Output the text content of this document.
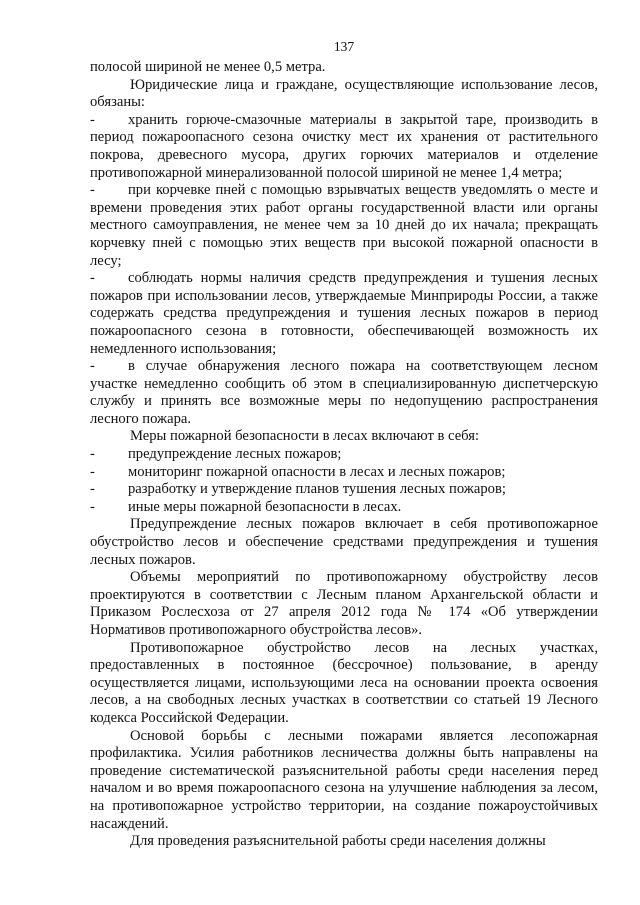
137

полосой шириной не менее 0,5 метра.

Юридические лица и граждане, осуществляющие использование лесов, обязаны:

- хранить горюче-смазочные материалы в закрытой таре, производить в период пожароопасного сезона очистку мест их хранения от растительного покрова, древесного мусора, других горючих материалов и отделение противопожарной минерализованной полосой шириной не менее 1,4 метра;

- при корчевке пней с помощью взрывчатых веществ уведомлять о месте и времени проведения этих работ органы государственной власти или органы местного самоуправления, не менее чем за 10 дней до их начала; прекращать корчевку пней с помощью этих веществ при высокой пожарной опасности в лесу;

- соблюдать нормы наличия средств предупреждения и тушения лесных пожаров при использовании лесов, утверждаемые Минприроды России, а также содержать средства предупреждения и тушения лесных пожаров в период пожароопасного сезона в готовности, обеспечивающей возможность их немедленного использования;

- в случае обнаружения лесного пожара на соответствующем лесном участке немедленно сообщить об этом в специализированную диспетчерскую службу и принять все возможные меры по недопущению распространения лесного пожара.

Меры пожарной безопасности в лесах включают в себя:

- предупреждение лесных пожаров;

- мониторинг пожарной опасности в лесах и лесных пожаров;

- разработку и утверждение планов тушения лесных пожаров;

- иные меры пожарной безопасности в лесах.

Предупреждение лесных пожаров включает в себя противопожарное обустройство лесов и обеспечение средствами предупреждения и тушения лесных пожаров.

Объемы мероприятий по противопожарному обустройству лесов проектируются в соответствии с Лесным планом Архангельской области и Приказом Рослесхоза от 27 апреля 2012 года № 174 «Об утверждении Нормативов противопожарного обустройства лесов».

Противопожарное обустройство лесов на лесных участках, предоставленных в постоянное (бессрочное) пользование, в аренду осуществляется лицами, использующими леса на основании проекта освоения лесов, а на свободных лесных участках в соответствии со статьей 19 Лесного кодекса Российской Федерации.

Основой борьбы с лесными пожарами является лесопожарная профилактика. Усилия работников лесничества должны быть направлены на проведение систематической разъяснительной работы среди населения перед началом и во время пожароопасного сезона на улучшение наблюдения за лесом, на противопожарное устройство территории, на создание пожароустойчивых насаждений.

Для проведения разъяснительной работы среди населения должны
